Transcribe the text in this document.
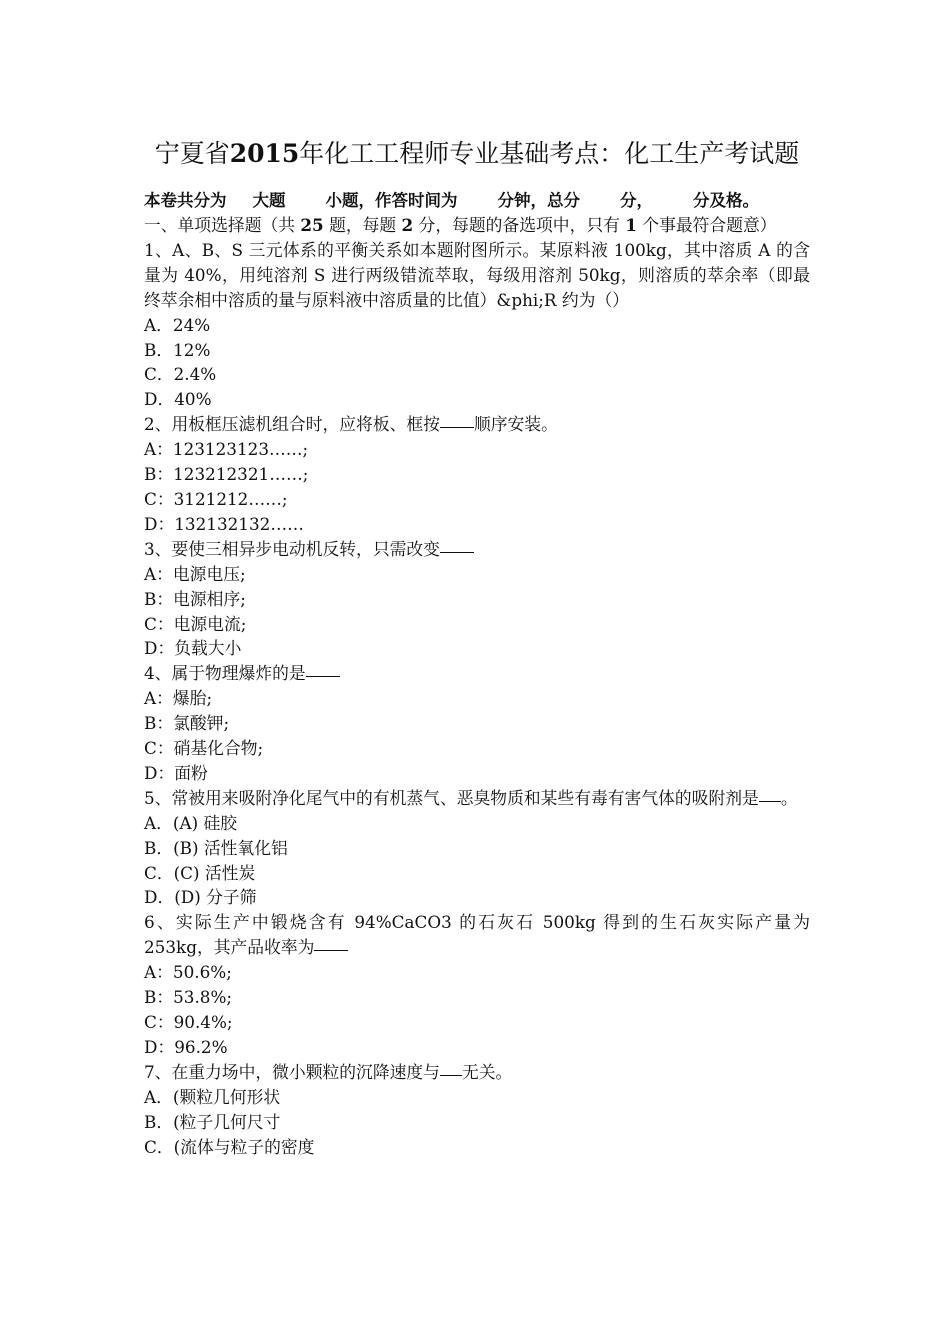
宁夏省2015年化工工程师专业基础考点：化工生产考试题

本卷共分为 大题 小题，作答时间为 分钟，总分 分， 分及格。

一、单项选择题（共 25 题，每题 2 分，每题的备选项中，只有 1 个事最符合题意）

1、A、B、S 三元体系的平衡关系如本题附图所示。某原料液 100kg，其中溶质 A 的含量为 40%，用纯溶剂 S 进行两级错流萃取，每级用溶剂 50kg，则溶质的萃余率（即最终萃余相中溶质的量与原料液中溶质量的比值）&phi;R 约为（）

A．24%

B．12%

C．2.4%

D．40%

2、用板框压滤机组合时，应将板、框按 顺序安装。

A：123123123……;

B：123212321……;

C：3121212……;

D：132132132……

3、要使三相异步电动机反转，只需改变

A：电源电压;

B：电源相序;

C：电源电流;

D：负载大小

4、属于物理爆炸的是

A：爆胎;

B：氯酸钾;

C：硝基化合物;

D：面粉

5、常被用来吸附净化尾气中的有机蒸气、恶臭物质和某些有毒有害气体的吸附剂是 。

A．(A) 硅胶

B．(B) 活性氧化铝

C．(C) 活性炭

D．(D) 分子筛

6、实际生产中锻烧含有 94%CaCO3 的石灰石 500kg 得到的生石灰实际产量为 253kg，其产品收率为

A：50.6%;

B：53.8%;

C：90.4%;

D：96.2%

7、在重力场中，微小颗粒的沉降速度与 无关。

A．(颗粒几何形状

B．(粒子几何尺寸

C．(流体与粒子的密度
